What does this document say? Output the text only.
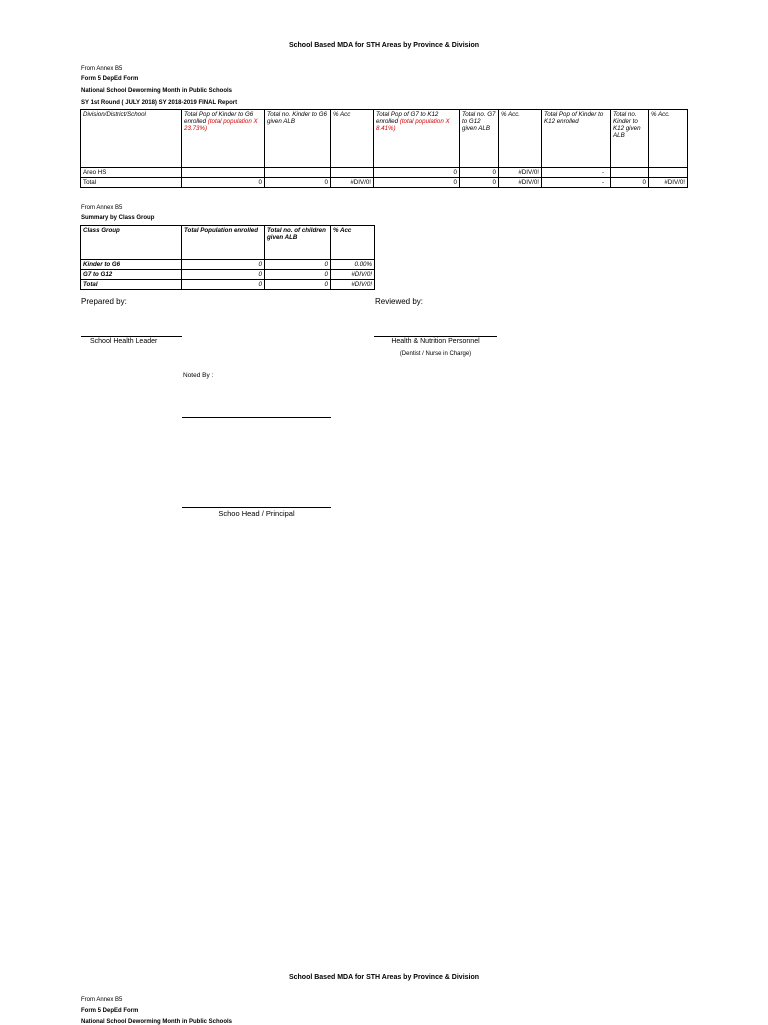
School Based MDA for STH Areas by Province & Division
From Annex B5
Form 5 DepEd Form
National School Deworming Month in Public Schools
SY 1st Round ( JULY 2018) SY 2018-2019 FINAL Report
Division/District/School	Total Pop of Kinder to G6 enrolled (total population X 23.73%)	Total no. Kinder to G6 given ALB	% Acc	Total Pop of G7 to K12 enrolled (total population X 8.41%)	Total no. G7 to G12 given ALB	% Acc.	Total Pop of Kinder to K12 enrolled	Total no. Kinder to K12 given ALB	% Acc.
Areo HS				0	0	#DIV/0!	-		
Total	0	0	#DIV/0!	0	0	#DIV/0!	-	0	#DIV/0!
From Annex B5
Summary by Class Group
Class Group	Total Population enrolled	Total no. of children given ALB	% Acc
Kinder to G6	0	0	0.00%
G7 to G12	0	0	#DIV/0!
Total	0	0	#DIV/0!
Prepared by:	Reviewed by:
School Health Leader	Health & Nutrition Personnel
(Dentist / Nurse in Charge)
Noted By :
Schoo Head / Principal
School Based MDA for STH Areas by Province & Division
From Annex B5
Form 5 DepEd Form
National School Deworming Month in Public Schools
